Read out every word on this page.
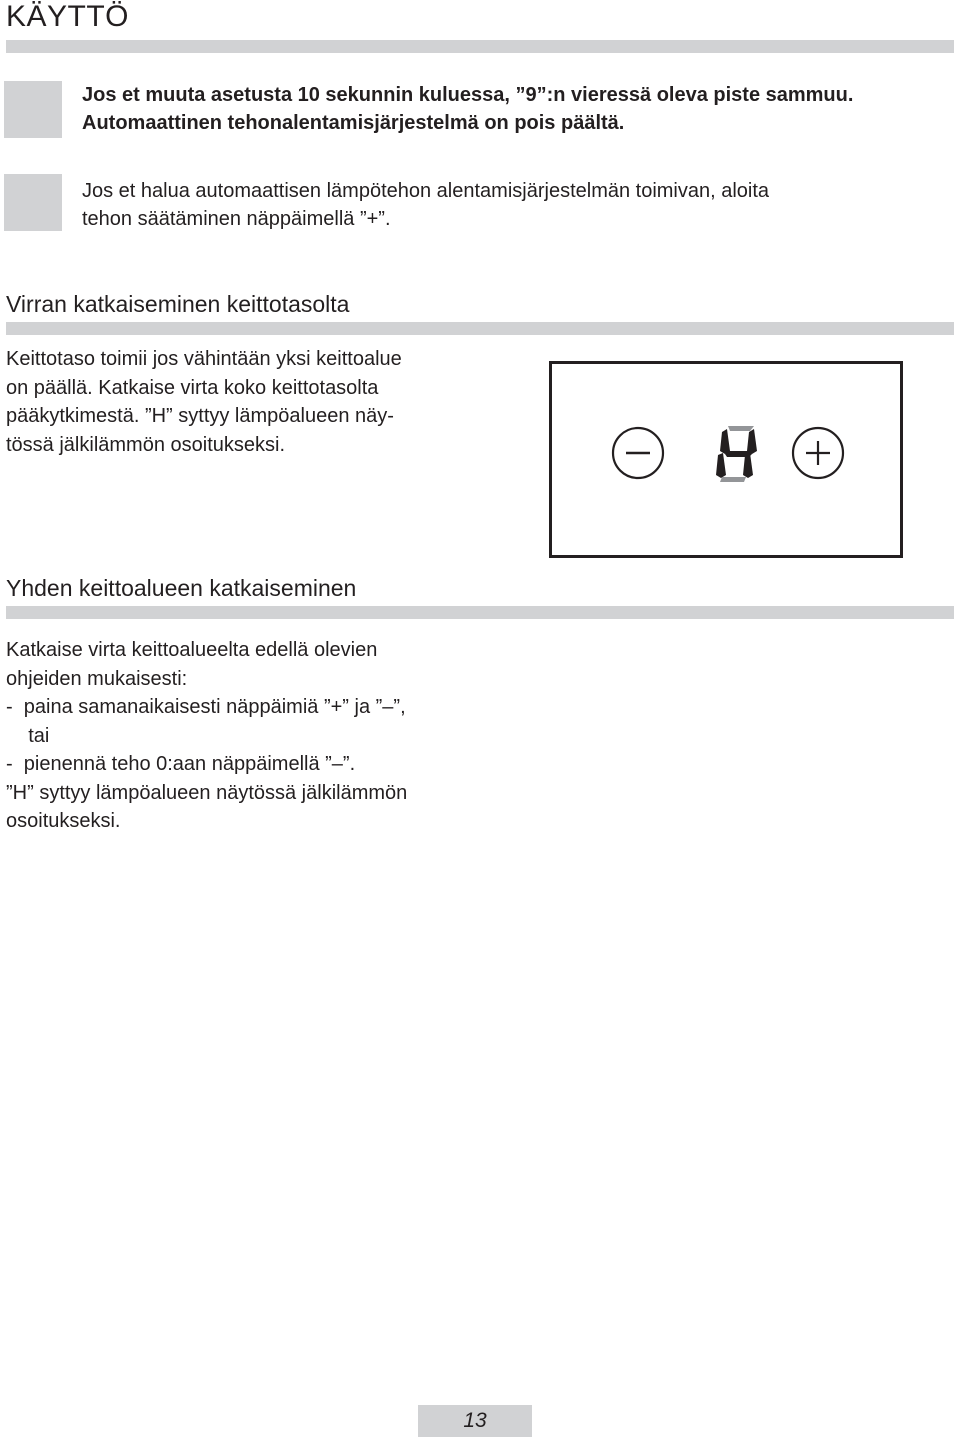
KÄYTTÖ

Jos et muuta asetusta 10 sekunnin kuluessa, ”9”:n vieressä oleva piste sammuu.

Automaattinen tehonalentamisjärjestelmä on pois päältä.

Jos et halua automaattisen lämpötehon alentamisjärjestelmän toimivan, aloita

tehon säätäminen näppäimellä ”+”.

Virran katkaiseminen keittotasolta

Keittotaso toimii jos vähintään yksi keittoalue

on päällä. Katkaise virta koko keittotasolta

pääkytkimestä. ”H” syttyy lämpöalueen näy-

tössä jälkilämmön osoitukseksi.

Yhden keittoalueen katkaiseminen

Katkaise virta keittoalueelta edellä olevien

ohjeiden mukaisesti:

-  paina samanaikaisesti näppäimiä ”+” ja ”–”,

tai

-  pienennä teho 0:aan näppäimellä ”–”.

”H” syttyy lämpöalueen näytössä jälkilämmön

osoitukseksi.

13
